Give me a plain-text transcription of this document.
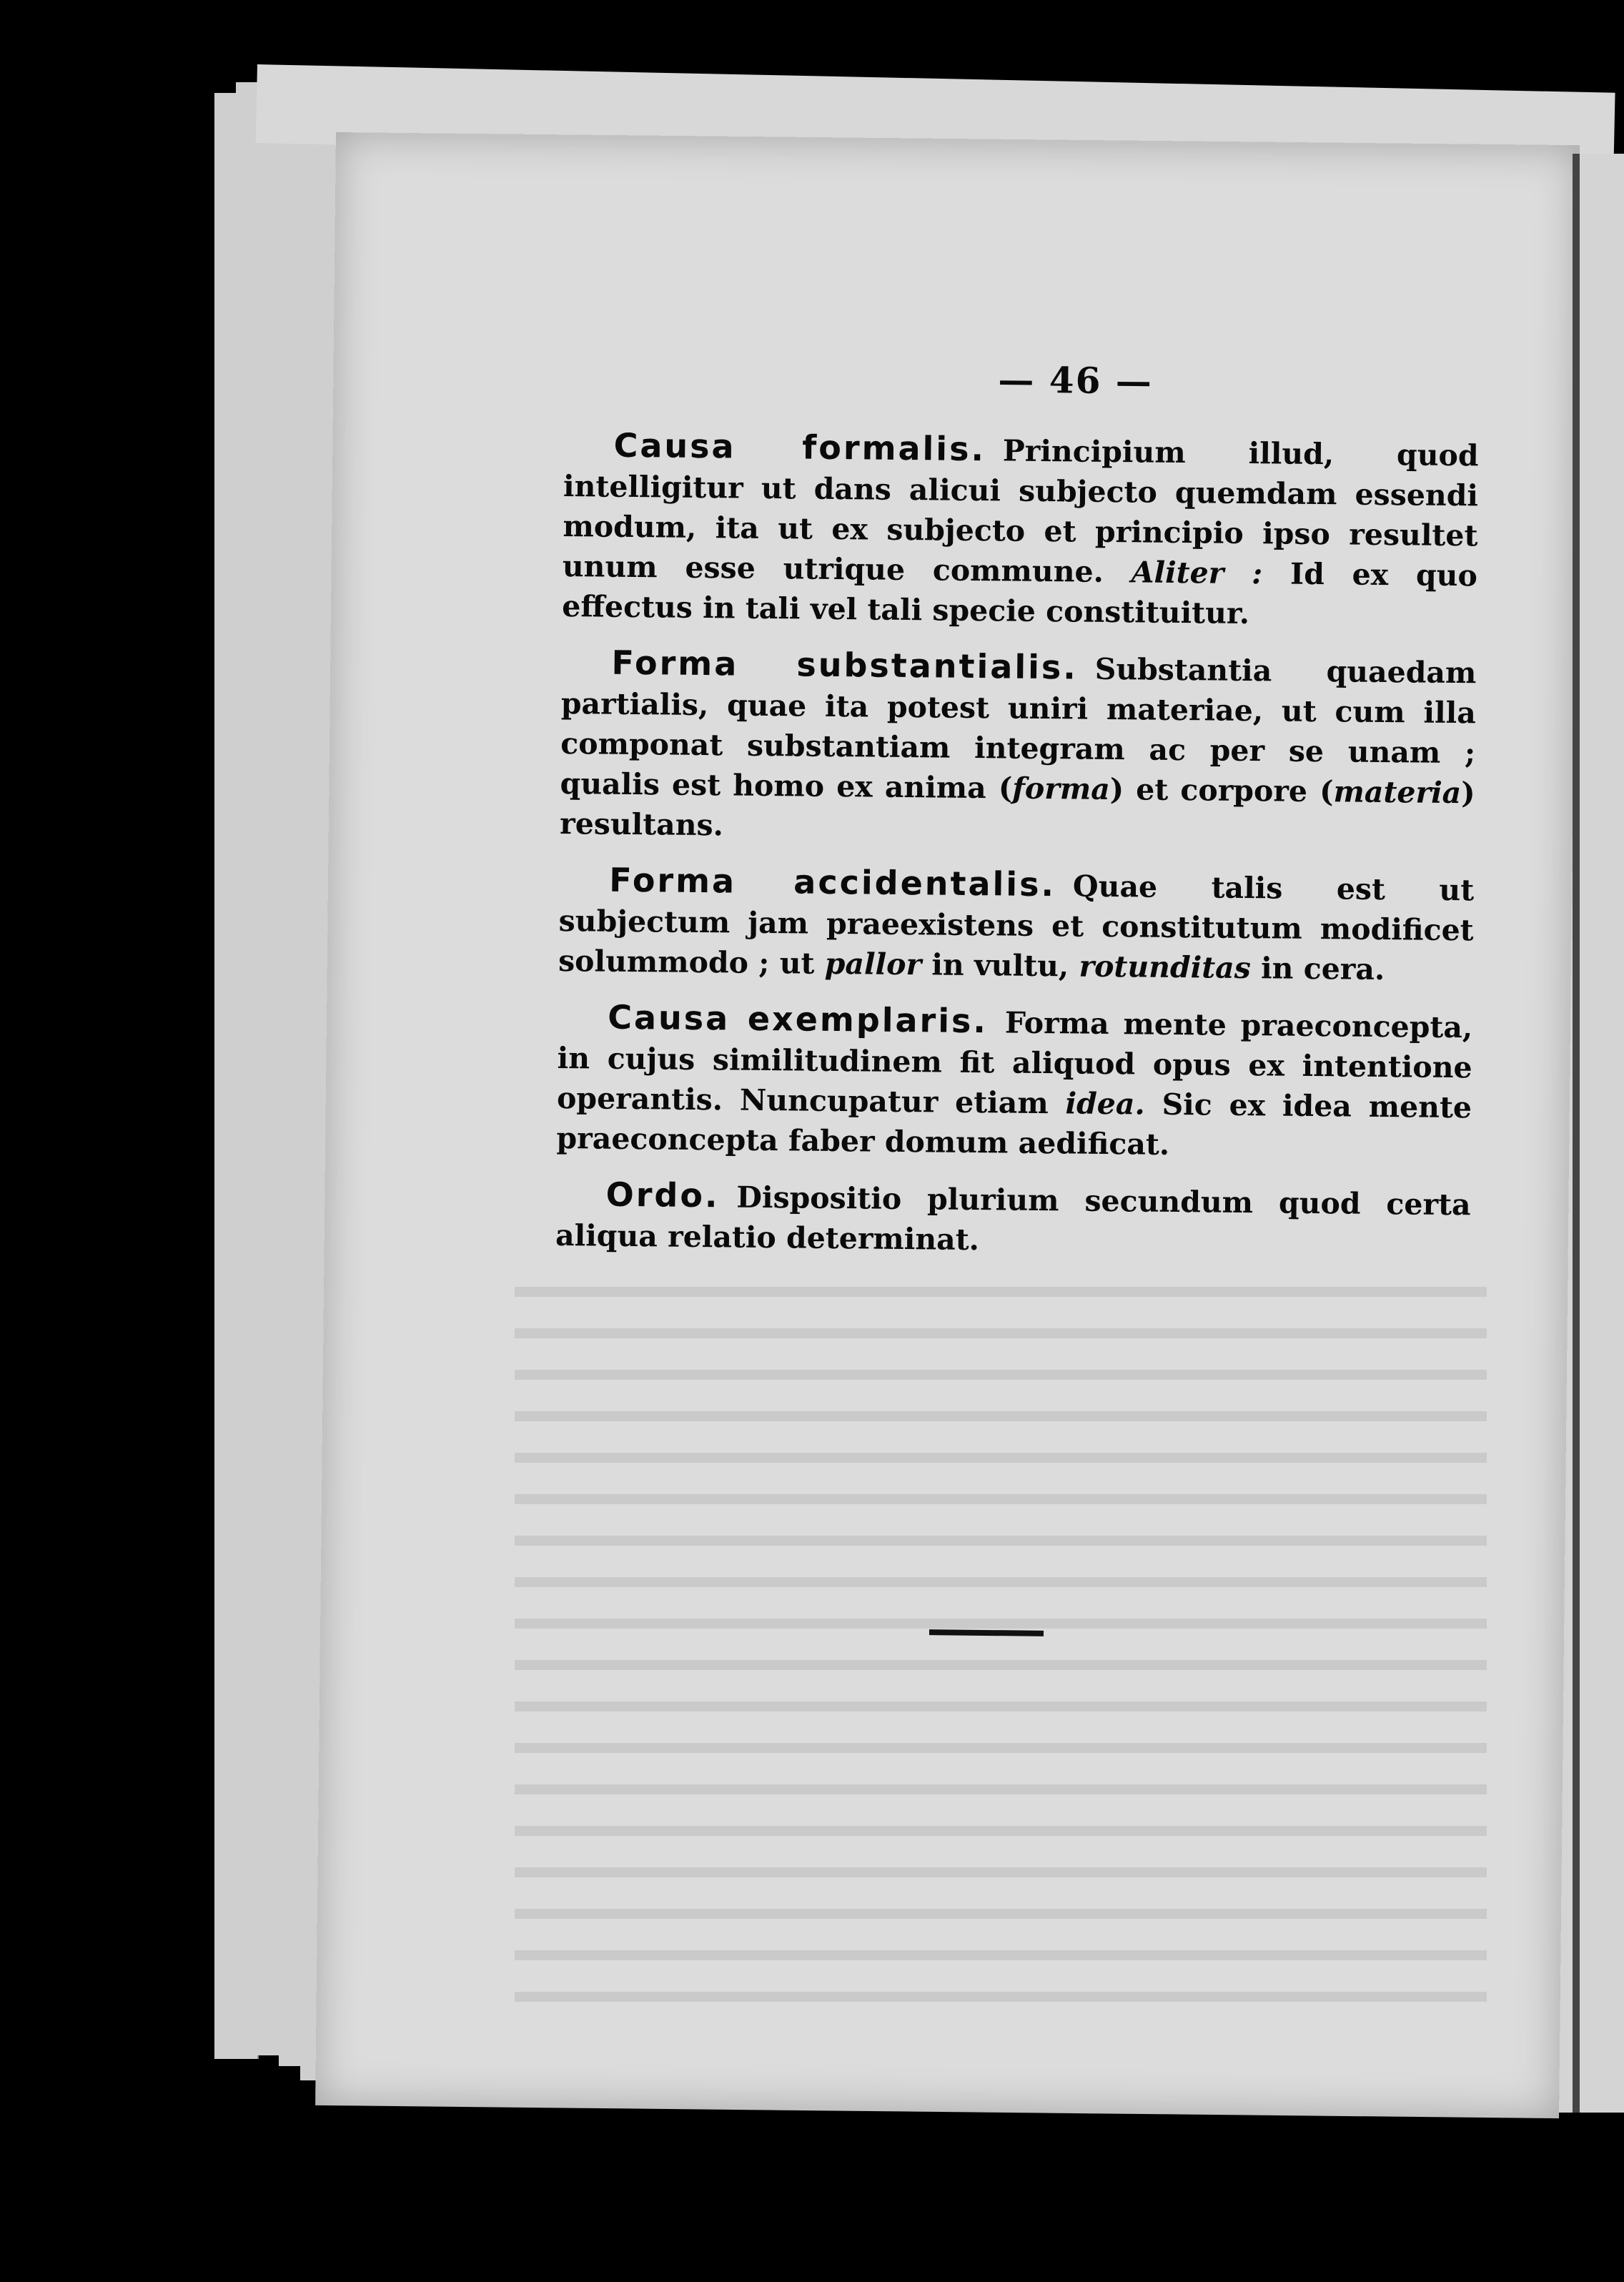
— 46 —

Causa formalis. Principium illud, quod intelligitur ut dans alicui subjecto quemdam essendi modum, ita ut ex subjecto et principio ipso resultet unum esse utrique commune. Aliter : Id ex quo effectus in tali vel tali specie constituitur.

Forma substantialis. Substantia quaedam partialis, quae ita potest uniri materiae, ut cum illa componat substantiam integram ac per se unam ; qualis est homo ex anima (forma) et corpore (materia) resultans.

Forma accidentalis. Quae talis est ut subjectum jam praeexistens et constitutum modificet solummodo ; ut pallor in vultu, rotunditas in cera.

Causa exemplaris. Forma mente praeconcepta, in cujus similitudinem fit aliquod opus ex intentione operantis. Nuncupatur etiam idea. Sic ex idea mente praeconcepta faber domum aedificat.

Ordo. Dispositio plurium secundum quod certa aliqua relatio determinat.
